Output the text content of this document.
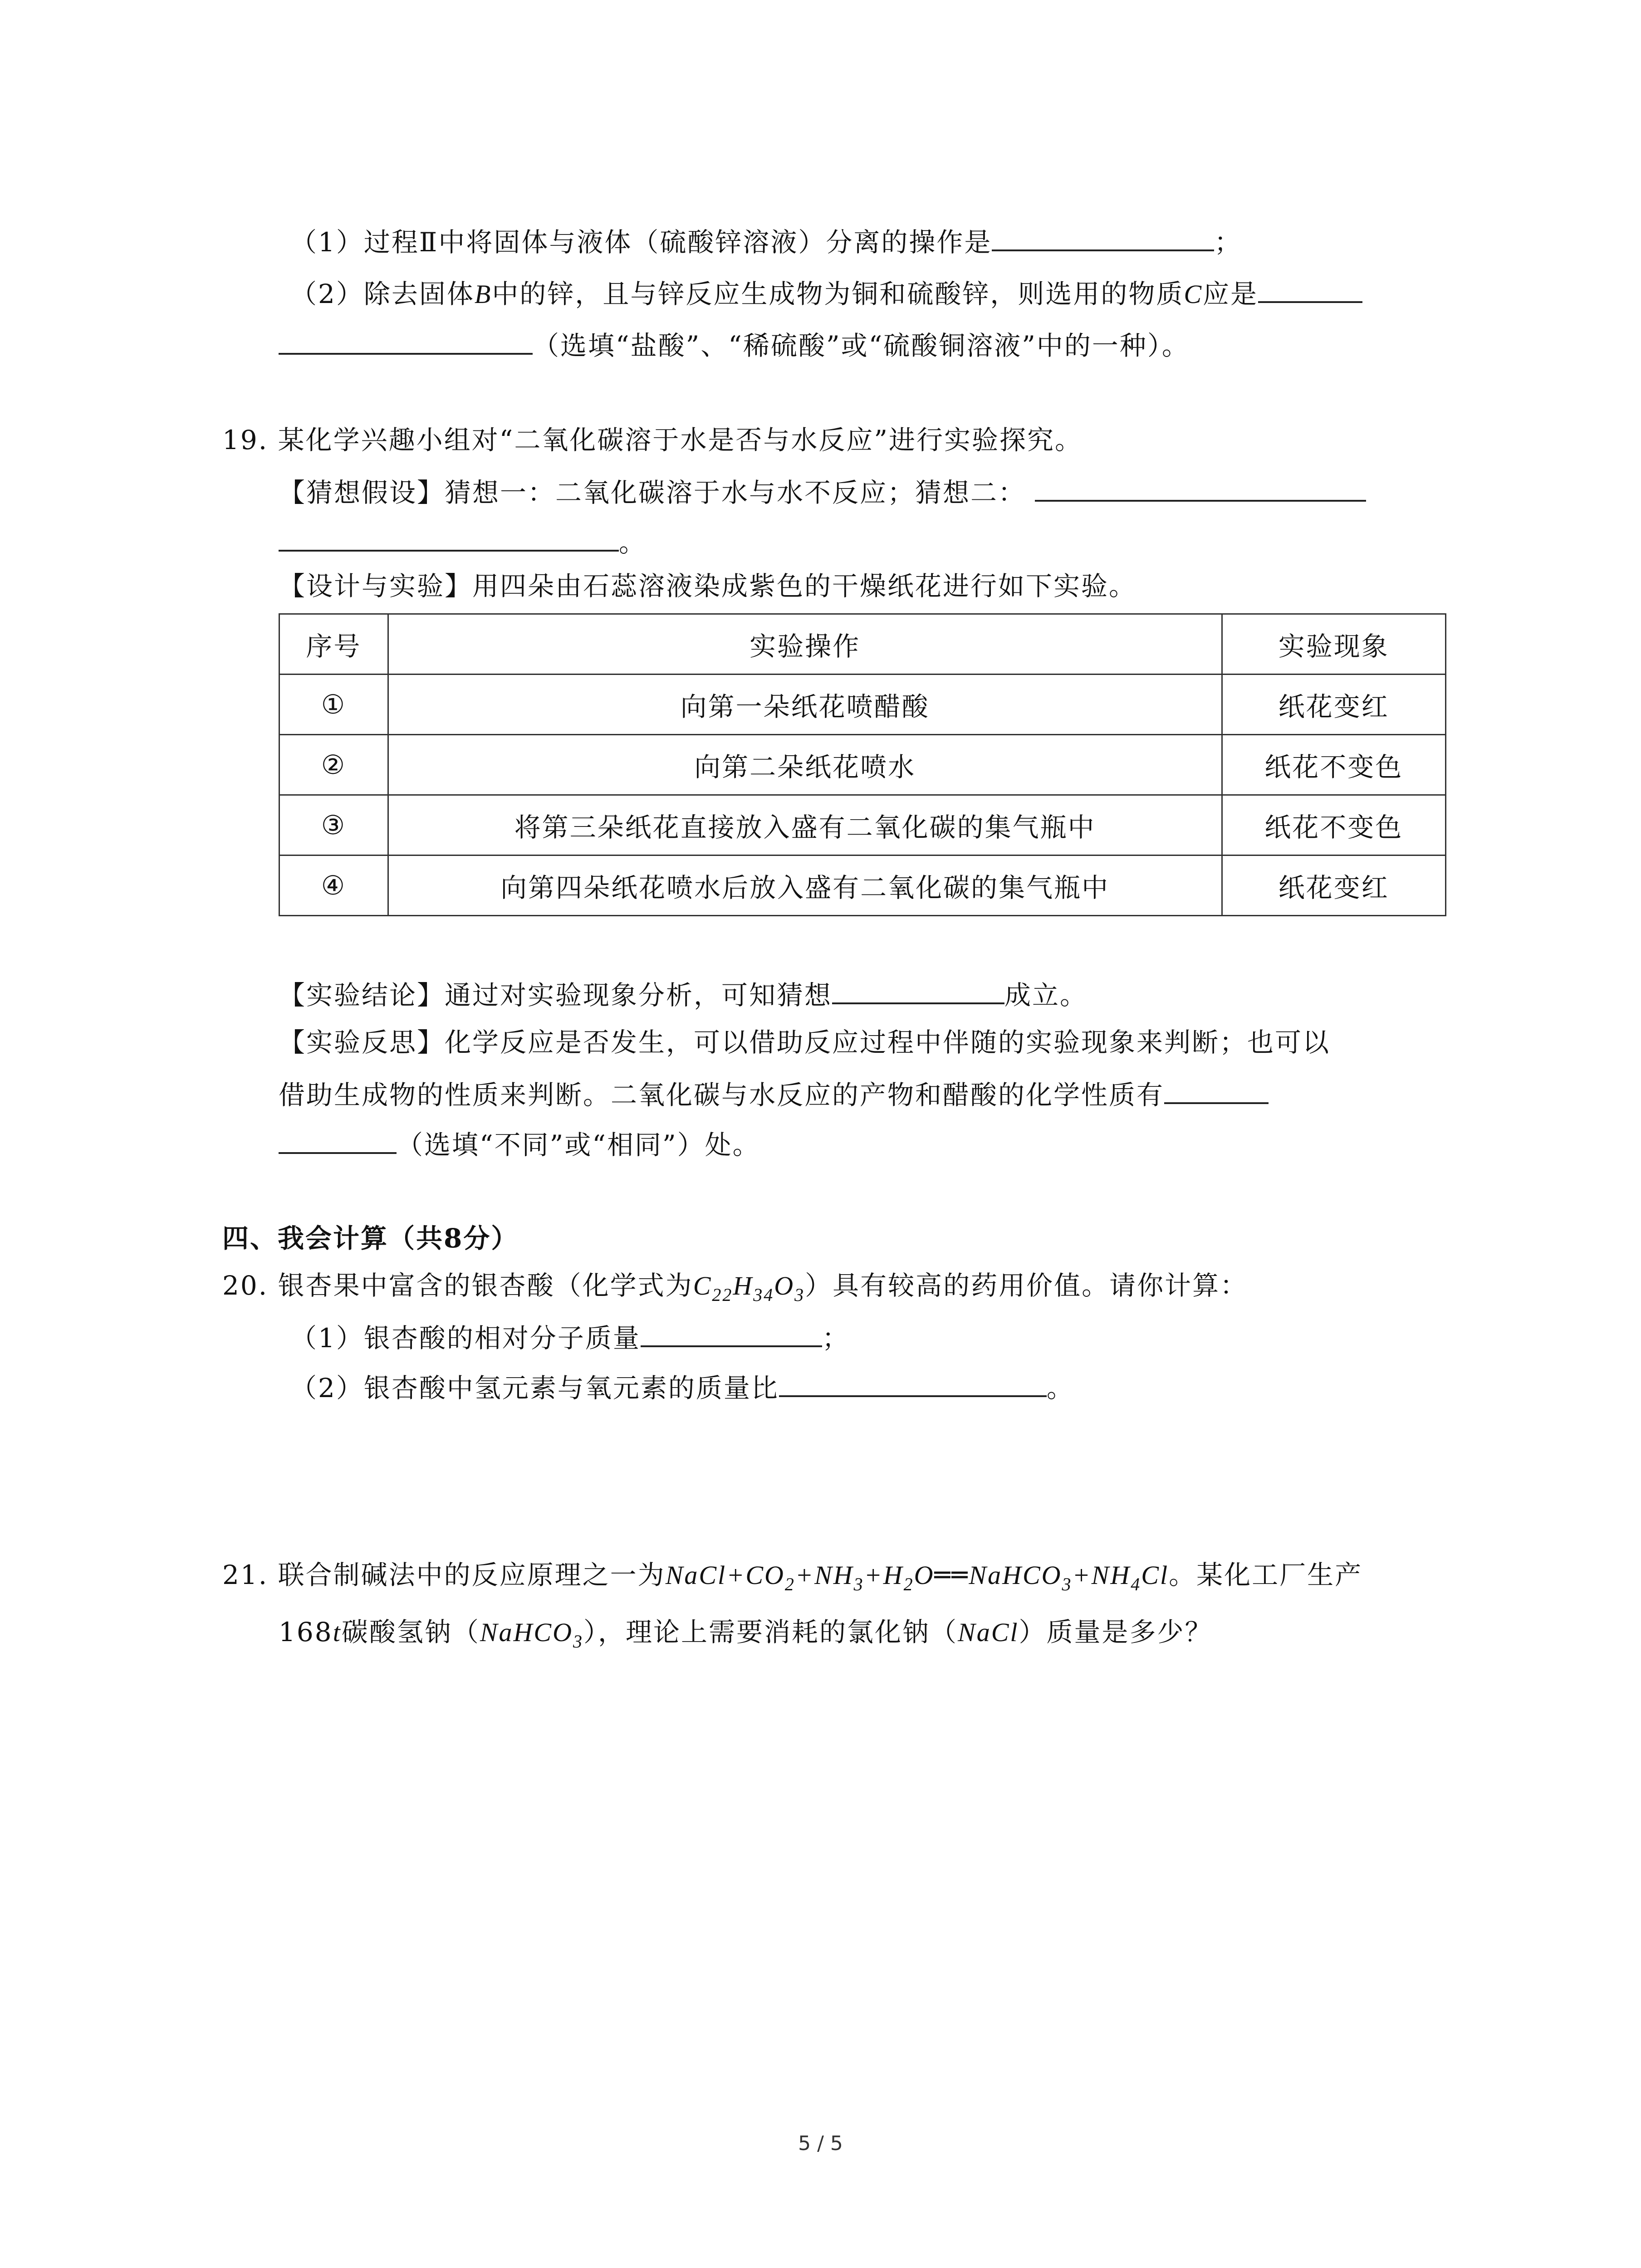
（1）过程Ⅱ中将固体与液体（硫酸锌溶液）分离的操作是	；
（2）除去固体B中的锌，且与锌反应生成物为铜和硫酸锌，则选用的物质C应是
（选填“盐酸”、“稀硫酸”或“硫酸铜溶液”中的一种）。
19. 某化学兴趣小组对“二氧化碳溶于水是否与水反应”进行实验探究。
【猜想假设】猜想一：二氧化碳溶于水与水不反应；猜想二：
。
【设计与实验】用四朵由石蕊溶液染成紫色的干燥纸花进行如下实验。
序号	实验操作	实验现象
①	向第一朵纸花喷醋酸	纸花变红
②	向第二朵纸花喷水	纸花不变色
③	将第三朵纸花直接放入盛有二氧化碳的集气瓶中	纸花不变色
④	向第四朵纸花喷水后放入盛有二氧化碳的集气瓶中	纸花变红
【实验结论】通过对实验现象分析，可知猜想	成立。
【实验反思】化学反应是否发生，可以借助反应过程中伴随的实验现象来判断；也可以
借助生成物的性质来判断。二氧化碳与水反应的产物和醋酸的化学性质有
（选填“不同”或“相同”）处。
四、我会计算（共8分）
20. 银杏果中富含的银杏酸（化学式为$C_{22}H_{34}O_3$）具有较高的药用价值。请你计算：
（1）银杏酸的相对分子质量	；
（2）银杏酸中氢元素与氧元素的质量比	。
21. 联合制碱法中的反应原理之一为$NaCl+CO_2+NH_3+H_2O══NaHCO_3+NH_4Cl$。某化工厂生产
168t碳酸氢钠（NaHCO$_3$），理论上需要消耗的氯化钠（NaCl）质量是多少？
5 / 5
